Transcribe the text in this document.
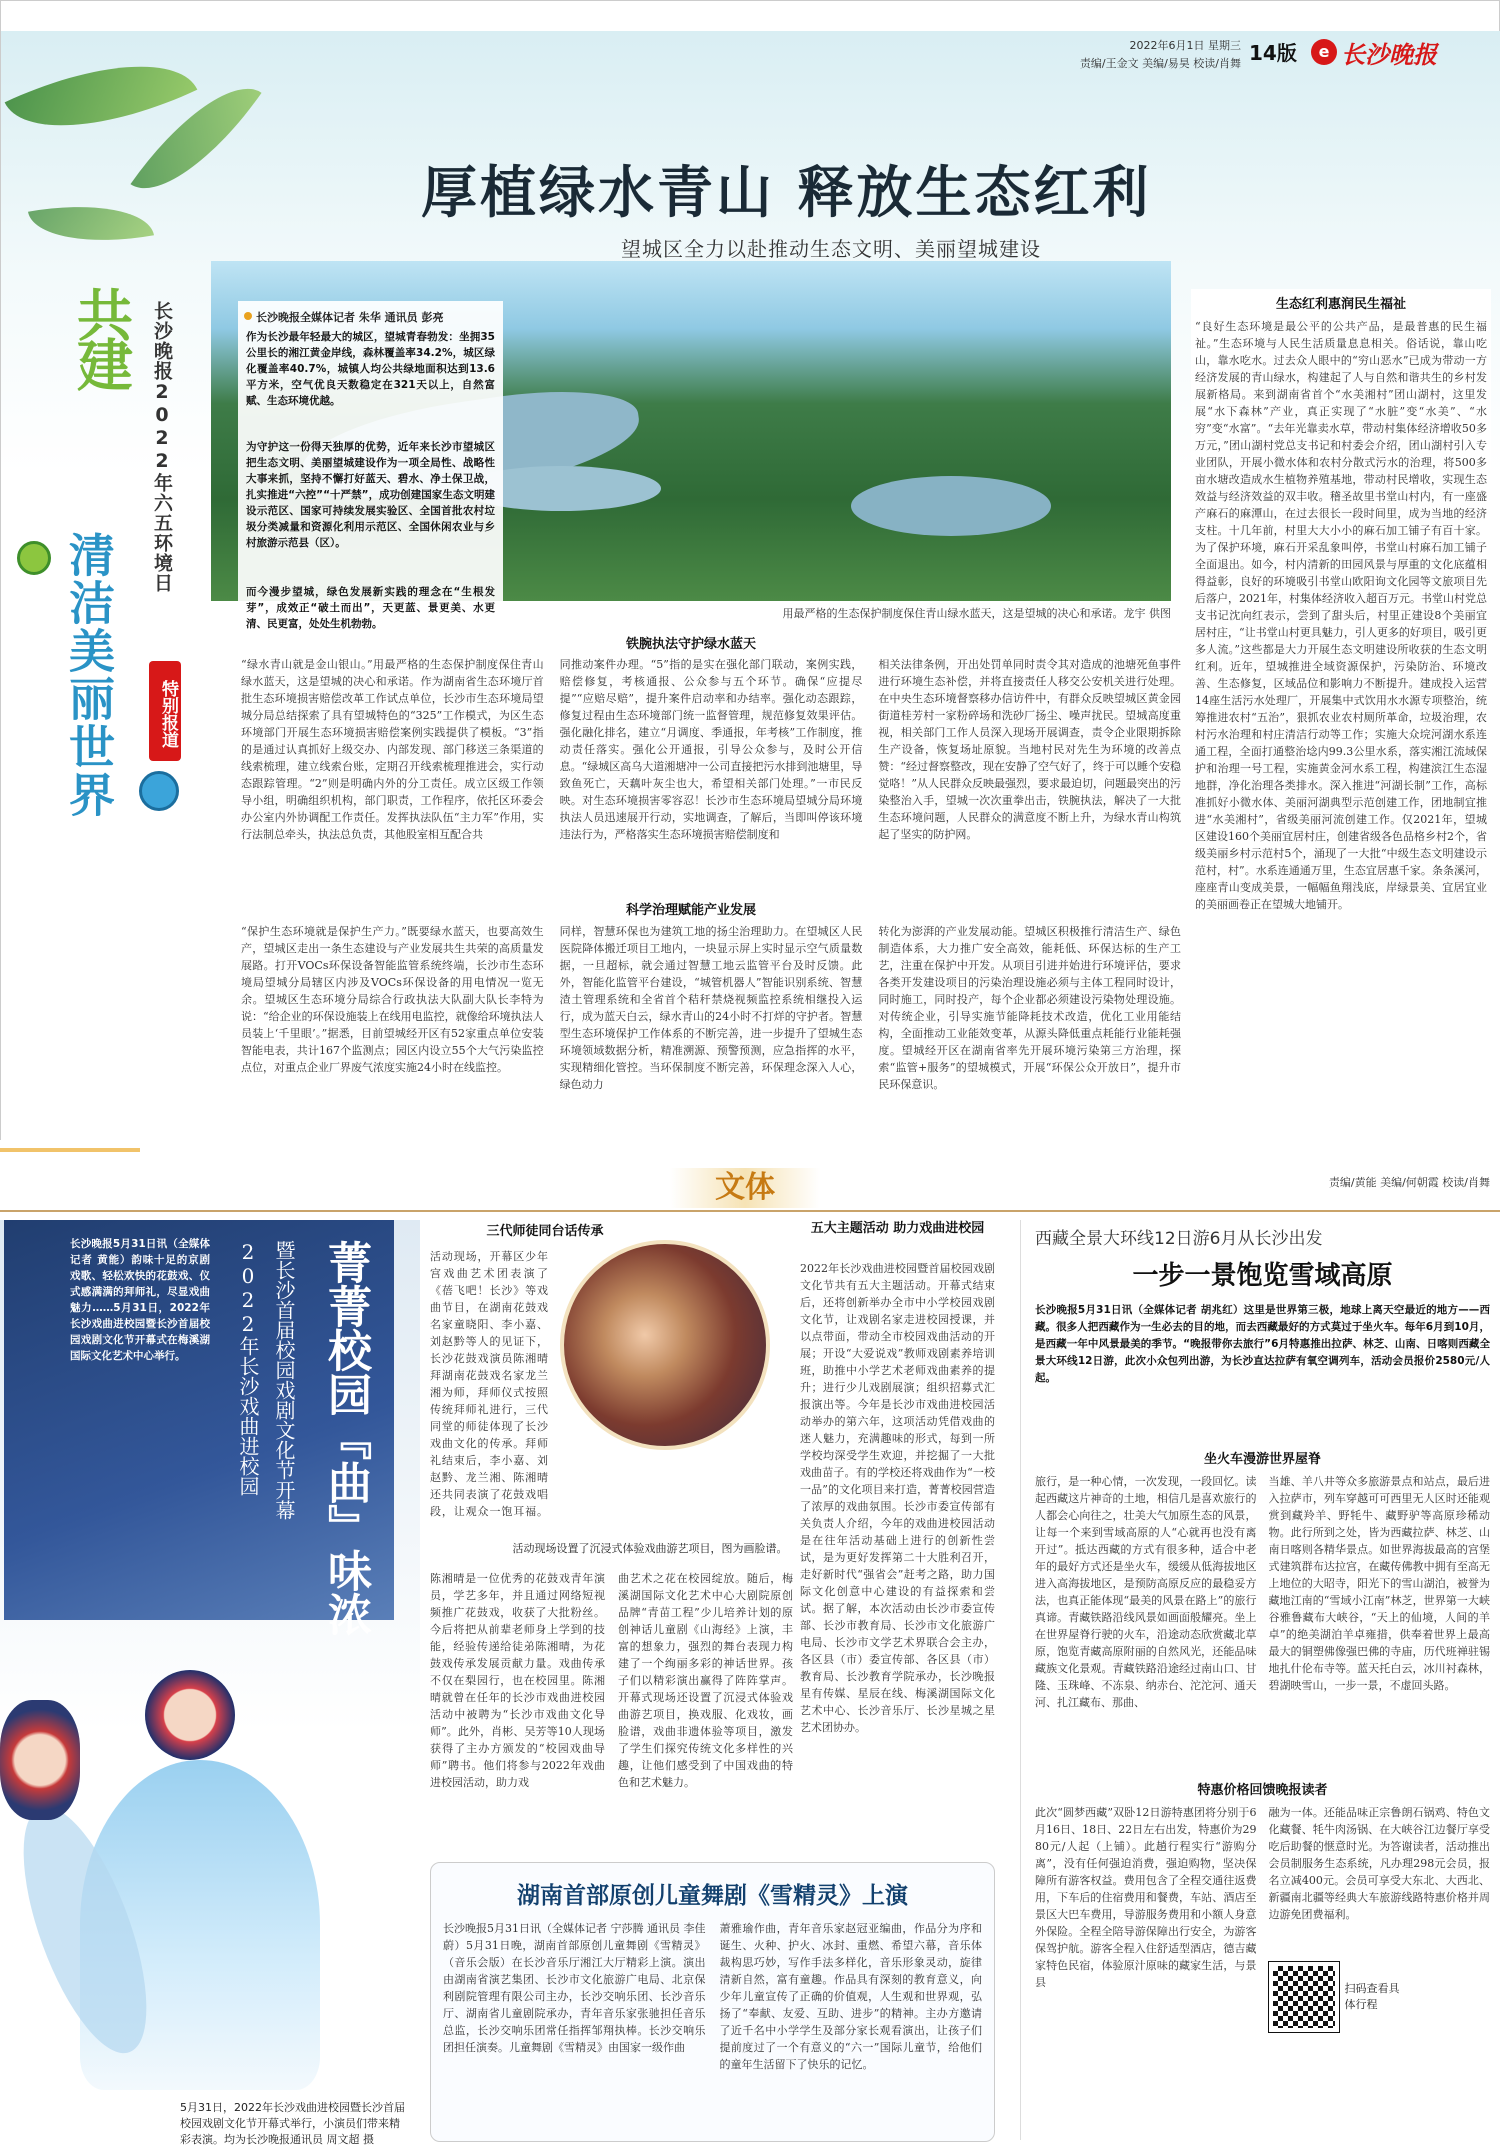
2022年6月1日 星期三
责编/王金文 美编/易昊 校读/肖舞 14版	e 长沙晚报
共建
清洁美丽世界
长沙晚报2022年六五环境日
特别报道
厚植绿水青山 释放生态红利
望城区全力以赴推动生态文明、美丽望城建设
长沙晚报全媒体记者 朱华 通讯员 彭亮
作为长沙最年轻最大的城区，望城青春勃发：坐拥35公里长的湘江黄金岸线，森林覆盖率34.2%，城区绿化覆盖率40.7%，城镇人均公共绿地面积达到13.6平方米，空气优良天数稳定在321天以上，自然富赋、生态环境优越。
为守护这一份得天独厚的优势，近年来长沙市望城区把生态文明、美丽望城建设作为一项全局性、战略性大事来抓，坚持不懈打好蓝天、碧水、净土保卫战，扎实推进“六控”“十严禁”，成功创建国家生态文明建设示范区、国家可持续发展实验区、全国首批农村垃圾分类减量和资源化利用示范区、全国休闲农业与乡村旅游示范县（区）。
而今漫步望城，绿色发展新实践的理念在“生根发芽”，成效正“破土而出”，天更蓝、景更美、水更清、民更富，处处生机勃勃。
用最严格的生态保护制度保住青山绿水蓝天，这是望城的决心和承诺。龙宇 供图
生态红利惠润民生福祉
“良好生态环境是最公平的公共产品，是最普惠的民生福祉。”生态环境与人民生活质量息息相关。俗话说，靠山吃山，靠水吃水。过去众人眼中的“穷山恶水”已成为带动一方经济发展的青山绿水，构建起了人与自然和谐共生的乡村发展新格局。来到湖南省首个“水美湘村”团山湖村，这里发展“水下森林”产业，真正实现了“水脏”变“水美”、“水穷”变“水富”。“去年光靠卖水草，带动村集体经济增收50多万元，”团山湖村党总支书记和村委会介绍，团山湖村引入专业团队，开展小微水体和农村分散式污水的治理，将500多亩水塘改造成水生植物养殖基地，带动村民增收，实现生态效益与经济效益的双丰收。稽圣故里书堂山村内，有一座盛产麻石的麻潭山，在过去很长一段时间里，成为当地的经济支柱。十几年前，村里大大小小的麻石加工铺子有百十家。为了保护环境，麻石开采乱象叫停，书堂山村麻石加工铺子全面退出。如今，村内清新的田园风景与厚重的文化底蕴相得益彰，良好的环境吸引书堂山欧阳询文化园等文旅项目先后落户，2021年，村集体经济收入超百万元。书堂山村党总支书记沈向红表示，尝到了甜头后，村里正建设8个美丽宜居村庄，“让书堂山村更具魅力，引人更多的好项目，吸引更多人流。”这些都是大力开展生态文明建设所收获的生态文明红利。近年，望城推进全域资源保护，污染防治、环境改善、生态修复，区域品位和影响力不断提升。建成投入运营14座生活污水处理厂，开展集中式饮用水水源专项整治，统筹推进农村“五治”，狠抓农业农村厕所革命，垃圾治理，农村污水治理和村庄清洁行动等工作；实施大众垸河湖水系连通工程，全面打通整治埝内99.3公里水系，落实湘江流域保护和治理一号工程，实施黄金河水系工程，构建滨江生态湿地群，净化治理各类排水。深入推进“河湖长制”工作，高标准抓好小微水体、美丽河湖典型示范创建工作，团地制宜推进“水美湘村”，省级美丽河流创建工作。仅2021年，望城区建设160个美丽宜居村庄，创建省级各色品格乡村2个，省级美丽乡村示范村5个，涌现了一大批“中级生态文明建设示范村，村”。水系连通通万里，生态宜居惠千家。条条溪河，座座青山变成美景，一幅幅鱼翔浅底，岸绿景美、宜居宜业的美丽画卷正在望城大地铺开。
铁腕执法守护绿水蓝天
“绿水青山就是金山银山。”用最严格的生态保护制度保住青山绿水蓝天，这是望城的决心和承诺。作为湖南省生态环境厅首批生态环境损害赔偿改革工作试点单位，长沙市生态环境局望城分局总结探索了具有望城特色的“325”工作模式，为区生态环境部门开展生态环境损害赔偿案例实践提供了模板。“3”指的是通过认真抓好上级交办、内部发现、部门移送三条渠道的线索梳理，建立线索台账，定期召开线索梳理推进会，实行动态跟踪管理。“2”则是明确内外的分工责任。成立区级工作领导小组，明确组织机构，部门职责，工作程序，依托区环委会办公室内外协调配工作责任。发挥执法队伍“主力军”作用，实行法制总牵头，执法总负责，其他股室相互配合共
同推动案件办理。“5”指的是实在强化部门联动，案例实践，赔偿修复，考核通报、公众参与五个环节。确保“应提尽提”“应赔尽赔”，提升案件启动率和办结率。强化动态跟踪，修复过程由生态环境部门统一监督管理，规范修复效果评估。强化融化排名，建立“月调度、季通报，年考核”工作制度，推动责任落实。强化公开通报，引导公众参与，及时公开信息。“绿城区高乌大道湘塘冲一公司直接把污水排到池塘里，导致鱼死亡，天藕叶灰尘也大，希望相关部门处理。”一市民反映。对生态环境损害零容忍！长沙市生态环境局望城分局环境执法人员迅速展开行动，实地调查，了解后，当即叫停该环境违法行为，严格落实生态环境损害赔偿制度和
相关法律条例，开出处罚单同时责令其对造成的池塘死鱼事件进行环境生态补偿，并将直接责任人移交公安机关进行处理。在中央生态环境督察移办信访件中，有群众反映望城区黄金园街道桂芳村一家粉碎场和洗砂厂扬尘、噪声扰民。望城高度重视，相关部门工作人员深入现场开展调查，责令企业限期拆除生产设备，恢复场址原貌。当地村民对先生为环境的改善点赞：“经过督察整改，现在安静了空气好了，终于可以睡个安稳觉咯！”从人民群众反映最强烈，要求最迫切，问题最突出的污染整治入手，望城一次次重拳出击，铁腕执法，解决了一大批生态环境问题，人民群众的满意度不断上升，为绿水青山构筑起了坚实的防护网。
科学治理赋能产业发展
“保护生态环境就是保护生产力。”既要绿水蓝天，也要高效生产，望城区走出一条生态建设与产业发展共生共荣的高质量发展路。打开VOCs环保设备智能监管系统终端，长沙市生态环境局望城分局辖区内涉及VOCs环保设备的用电情况一览无余。望城区生态环境分局综合行政执法大队副大队长李特为说：“给企业的环保设施装上在线用电监控，就像给环境执法人员装上‘千里眼’。”据悉，目前望城经开区有52家重点单位安装智能电表，共计167个监测点；园区内设立55个大气污染监控点位，对重点企业厂界废气浓度实施24小时在线监控。
同样，智慧环保也为建筑工地的扬尘治理助力。在望城区人民医院降体搬迁项目工地内，一块显示屏上实时显示空气质量数据，一旦超标，就会通过智慧工地云监管平台及时反馈。此外，智能化监管平台建设，“城管机器人”智能识别系统、智慧渣土管理系统和全省首个秸秆禁烧视频监控系统相继投入运行，成为蓝天白云，绿水青山的24小时不打烊的守护者。智慧型生态环境保护工作体系的不断完善，进一步提升了望城生态环境领域数据分析，精准溯源、预警预测，应急指挥的水平，实现精细化管控。当环保制度不断完善，环保理念深入人心，绿色动力
转化为澎湃的产业发展动能。望城区积极推行清洁生产、绿色制造体系，大力推广安全高效，能耗低、环保达标的生产工艺，注重在保护中开发。从项目引进并始进行环境评估，要求各类开发建设项目的污染治理设施必须与主体工程同时设计，同时施工，同时投产，每个企业都必须建设污染物处理设施。对传统企业，引导实施节能降耗技术改造，优化工业用能结构，全面推动工业能效变革，从源头降低重点耗能行业能耗强度。望城经开区在湖南省率先开展环境污染第三方治理，探索“监管+服务”的望城模式，开展“环保公众开放日”，提升市民环保意识。
文体	责编/黄能 美编/何朝霞 校读/肖舞
长沙晚报5月31日讯（全媒体记者 黄能）韵味十足的京剧戏歌、轻松欢快的花鼓戏、仪式感满满的拜师礼，尽显戏曲魅力……5月31日，2022年长沙戏曲进校园暨长沙首届校园戏剧文化节开幕式在梅溪湖国际文化艺术中心举行。	菁菁校园『曲』味浓
暨长沙首届校园戏剧文化节开幕 2022年长沙戏曲进校园
5月31日，2022年长沙戏曲进校园暨长沙首届校园戏剧文化节开幕式举行，小演员们带来精彩表演。均为长沙晚报通讯员 周文超 摄
三代师徒同台话传承
活动现场，开幕区少年宫戏曲艺术团表演了《蓓飞吧！长沙》等戏曲节目，在湖南花鼓戏名家童晓阳、李小嘉、刘赵黔等人的见证下，长沙花鼓戏演员陈湘晴拜湖南花鼓戏名家龙兰湘为师，拜师仪式按照传统拜师礼进行，三代同堂的师徒体现了长沙戏曲文化的传承。拜师礼结束后，李小嘉、刘赵黔、龙兰湘、陈湘晴还共同表演了花鼓戏唱段，让观众一饱耳福。
活动现场设置了沉浸式体验戏曲游艺项目，图为画脸谱。
陈湘晴是一位优秀的花鼓戏青年演员，学艺多年，并且通过网络短视频推广花鼓戏，收获了大批粉丝。今后将把从前辈老师身上学到的技能，经验传递给徒弟陈湘晴，为花鼓戏传承发展贡献力量。戏曲传承不仅在梨园行，也在校园里。陈湘晴就曾在任年的长沙市戏曲进校园活动中被聘为“长沙市戏曲文化导师”。此外，肖彬、吴芳等10人现场获得了主办方颁发的“校园戏曲导师”聘书。他们将参与2022年戏曲进校园活动，助力戏
曲艺术之花在校园绽放。随后，梅溪湖国际文化艺术中心大剧院原创品牌“青苗工程”少儿培养计划的原创神话儿童剧《山海经》上演，丰富的想象力，强烈的舞台表现力构建了一个绚丽多彩的神话世界。孩子们以精彩演出赢得了阵阵掌声。开幕式现场还设置了沉浸式体验戏曲游艺项目，换戏服、化戏妆，画脸谱，戏曲非遗体验等项目，激发了学生们探究传统文化多样性的兴趣，让他们感受到了中国戏曲的特色和艺术魅力。
五大主题活动 助力戏曲进校园
2022年长沙戏曲进校园暨首届校园戏剧文化节共有五大主题活动。开幕式结束后，还将创新举办全市中小学校园戏剧文化节，让戏剧名家走进校园授课，并以点带面，带动全市校园戏曲活动的开展；开设“大爱说戏”教师戏剧素养培训班，助推中小学艺术老师戏曲素养的提升；进行少儿戏剧展演；组织招募式汇报演出等。今年是长沙市戏曲进校园活动举办的第六年，这项活动凭借戏曲的迷人魅力，充满趣味的形式，每到一所学校均深受学生欢迎，并挖掘了一大批戏曲苗子。有的学校还将戏曲作为“一校一品”的文化项目来打造，菁菁校园营造了浓厚的戏曲氛围。长沙市委宣传部有关负责人介绍，今年的戏曲进校园活动是在往年活动基础上进行的创新性尝试，是为更好发挥第二十大胜利召开，走好新时代“强省会”赶考之路，助力国际文化创意中心建设的有益探索和尝试。据了解，本次活动由长沙市委宣传部、长沙市教育局、长沙市文化旅游广电局、长沙市文学艺术界联合会主办，各区县（市）委宣传部、各区县（市）教育局、长沙教育学院承办，长沙晚报星有传媒、星辰在线、梅溪湖国际文化艺术中心、长沙音乐厅、长沙星城之星艺术团协办。
湖南首部原创儿童舞剧《雪精灵》上演
长沙晚报5月31日讯（全媒体记者 宁莎腾 通讯员 李佳蔚）5月31日晚，湖南首部原创儿童舞剧《雪精灵》（音乐会版）在长沙音乐厅湘江大厅精彩上演。演出由湖南省演艺集团、长沙市文化旅游广电局、北京保利剧院管理有限公司主办，长沙交响乐团、长沙音乐厅、湖南省儿童剧院承办，青年音乐家张驰担任音乐总监，长沙交响乐团常任指挥邹翔执棒。长沙交响乐团担任演奏。儿童舞剧《雪精灵》由国家一级作曲
萧雅瑜作曲，青年音乐家赵冠亚编曲，作品分为序和诞生、火种、护火、冰封、重燃、希望六幕，音乐体裁构思巧妙，写作手法多样化，音乐形象灵动，旋律清新自然，富有童趣。作品具有深刻的教育意义，向少年儿童宣传了正确的价值观，人生观和世界观，弘扬了“奉献、友爱、互助、进步”的精神。主办方邀请了近千名中小学学生及部分家长观看演出，让孩子们提前度过了一个有意义的“六一”国际儿童节，给他们的童年生活留下了快乐的记忆。
西藏全景大环线12日游6月从长沙出发
一步一景饱览雪域高原
长沙晚报5月31日讯（全媒体记者 胡兆红）这里是世界第三极，地球上离天空最近的地方——西藏。很多人把西藏作为一生必去的目的地，而去西藏最好的方式莫过于坐火车。每年6月到10月，是西藏一年中风景最美的季节。“晚报带你去旅行”6月特惠推出拉萨、林芝、山南、日喀则西藏全景大环线12日游，此次小众包列出游，为长沙直达拉萨有氧空调列车，活动会员报价2580元/人起。
坐火车漫游世界屋脊
旅行，是一种心情，一次发现，一段回忆。读起西藏这片神奇的土地，相信几是喜欢旅行的人都会心向往之，壮美大气加原生态的风景，让每一个来到雪域高原的人“心就再也没有离开过”。抵达西藏的方式有很多种，适合中老年的最好方式还是坐火车，缓缓从低海拔地区进入高海拔地区，是预防高原反应的最稳妥方法，也真正能体现“最美的风景在路上”的旅行真谛。青藏铁路沿线风景如画面般耀亮。坐上在世界屋脊行驶的火车，沿途动态欣赏藏北草原，饱览青藏高原附丽的自然风光，还能品味藏族文化景观。青藏铁路沿途经过南山口、甘隆、玉珠峰、不冻泉、纳赤台、沱沱河、通天河、扎江藏布、那曲、
当雄、羊八井等众多旅游景点和站点，最后进入拉萨市，列车穿越可可西里无人区时还能观赏到藏羚羊、野牦牛、藏野驴等高原珍稀动物。此行所到之处，皆为西藏拉萨、林芝、山南日喀则各精华景点。如世界海拔最高的宫堡式建筑群布达拉宫，在藏传佛教中拥有至高无上地位的大昭寺，阳光下的雪山湖泊，被誉为藏地江南的“雪域小江南”林芝，世界第一大峡谷雅鲁藏布大峡谷，“天上的仙境，人间的羊卓”的绝美湖泊羊卓雍措，供奉着世界上最高最大的铜塑佛像强巴佛的寺庙，历代班禅驻锡地扎什伦布寺等。蓝天托白云，冰川衬森林，碧湖映雪山，一步一景，不虚回头路。
特惠价格回馈晚报读者
此次“圆梦西藏”双卧12日游特惠团将分别于6月16日、18日、22日左右出发，特惠价为2980元/人起（上铺）。此趟行程实行“游购分离”，没有任何强迫消费，强迫购物，坚决保障所有游客权益。费用包含了全程交通往返费用，下车后的住宿费用和餐费，车站、酒店至景区大巴车费用，导游服务费用和小额人身意外保险。全程全陪导游保障出行安全，为游客保驾护航。游客全程入住舒适型酒店，德吉藏家特色民宿，体验原汁原味的藏家生活，与景县
融为一体。还能品味正宗鲁朗石锅鸡、特色文化藏餐、牦牛肉汤锅、在大峡谷江边餐厅享受吃后助餐的惬意时光。为答谢读者，活动推出会员制服务生态系统，凡办理298元会员，报名立减400元。会员可享受大东北、大西北、新疆南北疆等经典大车旅游线路特惠价格并周边游免团费福利。
扫码查看具体行程
